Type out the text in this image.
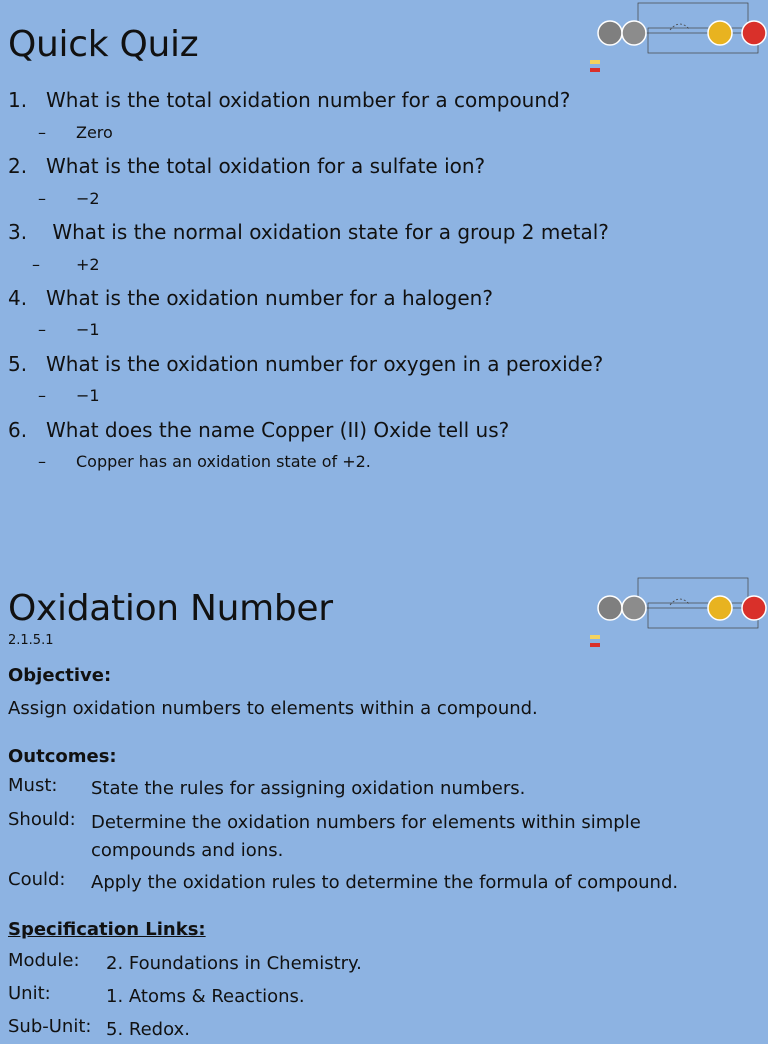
Quick Quiz
1. What is the total oxidation number for a compound?
– Zero
2. What is the total oxidation for a sulfate ion?
– −2
3. What is the normal oxidation state for a group 2 metal?
– +2
4. What is the oxidation number for a halogen?
– −1
5. What is the oxidation number for oxygen in a peroxide?
– −1
6. What does the name Copper (II) Oxide tell us?
– Copper has an oxidation state of +2.
Oxidation Number
2.1.5.1
Objective:
Assign oxidation numbers to elements within a compound.
Outcomes:
Must: State the rules for assigning oxidation numbers.
Should: Determine the oxidation numbers for elements within simple compounds and ions.
Could: Apply the oxidation rules to determine the formula of compound.
Specification Links:
Module: 2. Foundations in Chemistry.
Unit:	1. Atoms & Reactions.
Sub-Unit: 5. Redox.
